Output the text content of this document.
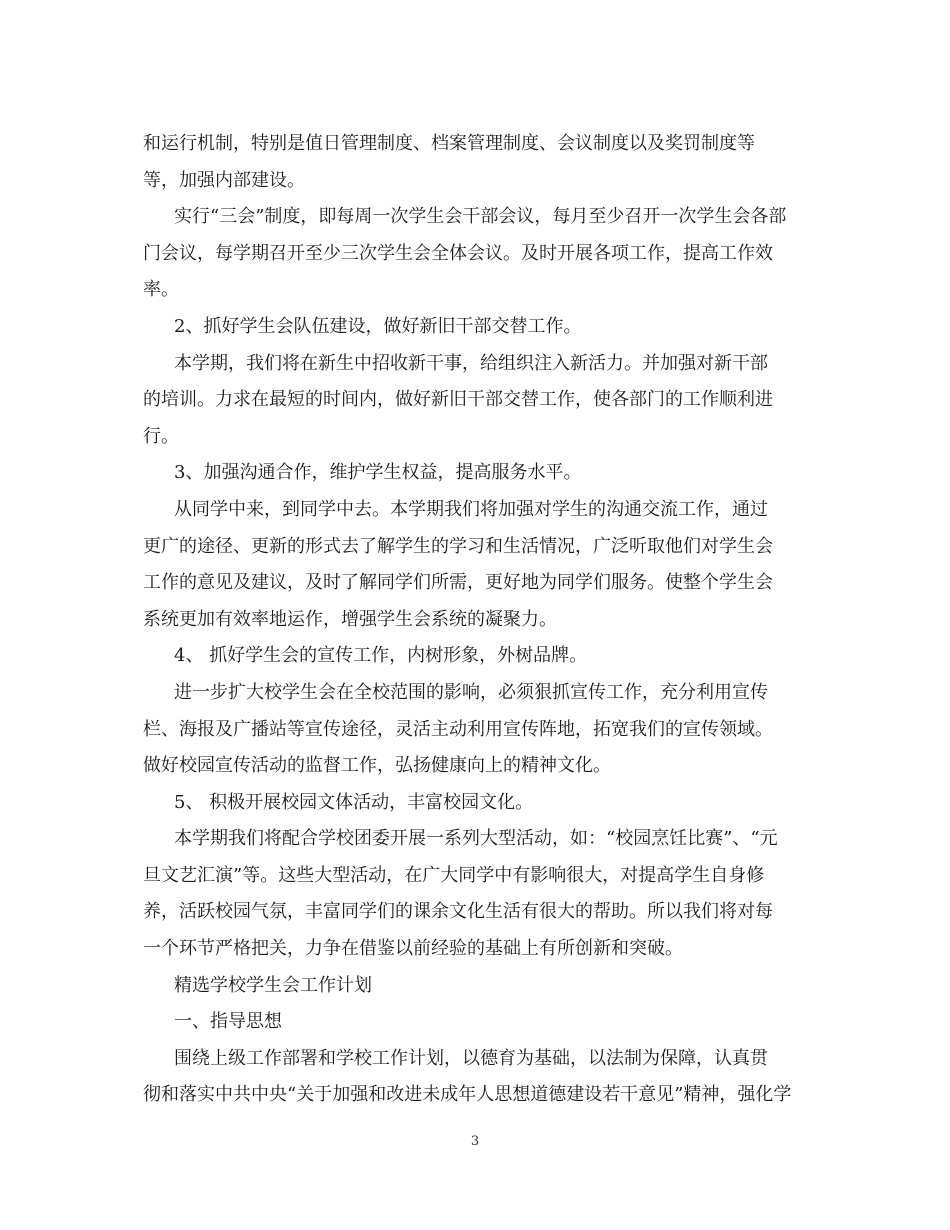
和运行机制，特别是值日管理制度、档案管理制度、会议制度以及奖罚制度等

等，加强内部建设。

实行“三会”制度，即每周一次学生会干部会议，每月至少召开一次学生会各部

门会议，每学期召开至少三次学生会全体会议。及时开展各项工作，提高工作效

率。

2、抓好学生会队伍建设，做好新旧干部交替工作。

本学期，我们将在新生中招收新干事，给组织注入新活力。并加强对新干部

的培训。力求在最短的时间内，做好新旧干部交替工作，使各部门的工作顺利进

行。

3、加强沟通合作，维护学生权益，提高服务水平。

从同学中来，到同学中去。本学期我们将加强对学生的沟通交流工作，通过

更广的途径、更新的形式去了解学生的学习和生活情况，广泛听取他们对学生会

工作的意见及建议，及时了解同学们所需，更好地为同学们服务。使整个学生会

系统更加有效率地运作，增强学生会系统的凝聚力。

4、 抓好学生会的宣传工作，内树形象，外树品牌。

进一步扩大校学生会在全校范围的影响，必须狠抓宣传工作，充分利用宣传

栏、海报及广播站等宣传途径，灵活主动利用宣传阵地，拓宽我们的宣传领域。

做好校园宣传活动的监督工作，弘扬健康向上的精神文化。

5、 积极开展校园文体活动，丰富校园文化。

本学期我们将配合学校团委开展一系列大型活动，如：“校园烹饪比赛”、“元

旦文艺汇演”等。这些大型活动，在广大同学中有影响很大，对提高学生自身修

养，活跃校园气氛，丰富同学们的课余文化生活有很大的帮助。所以我们将对每

一个环节严格把关，力争在借鉴以前经验的基础上有所创新和突破。

精选学校学生会工作计划

一、指导思想

围绕上级工作部署和学校工作计划，以德育为基础，以法制为保障，认真贯

彻和落实中共中央“关于加强和改进未成年人思想道德建设若干意见”精神，强化学

3
